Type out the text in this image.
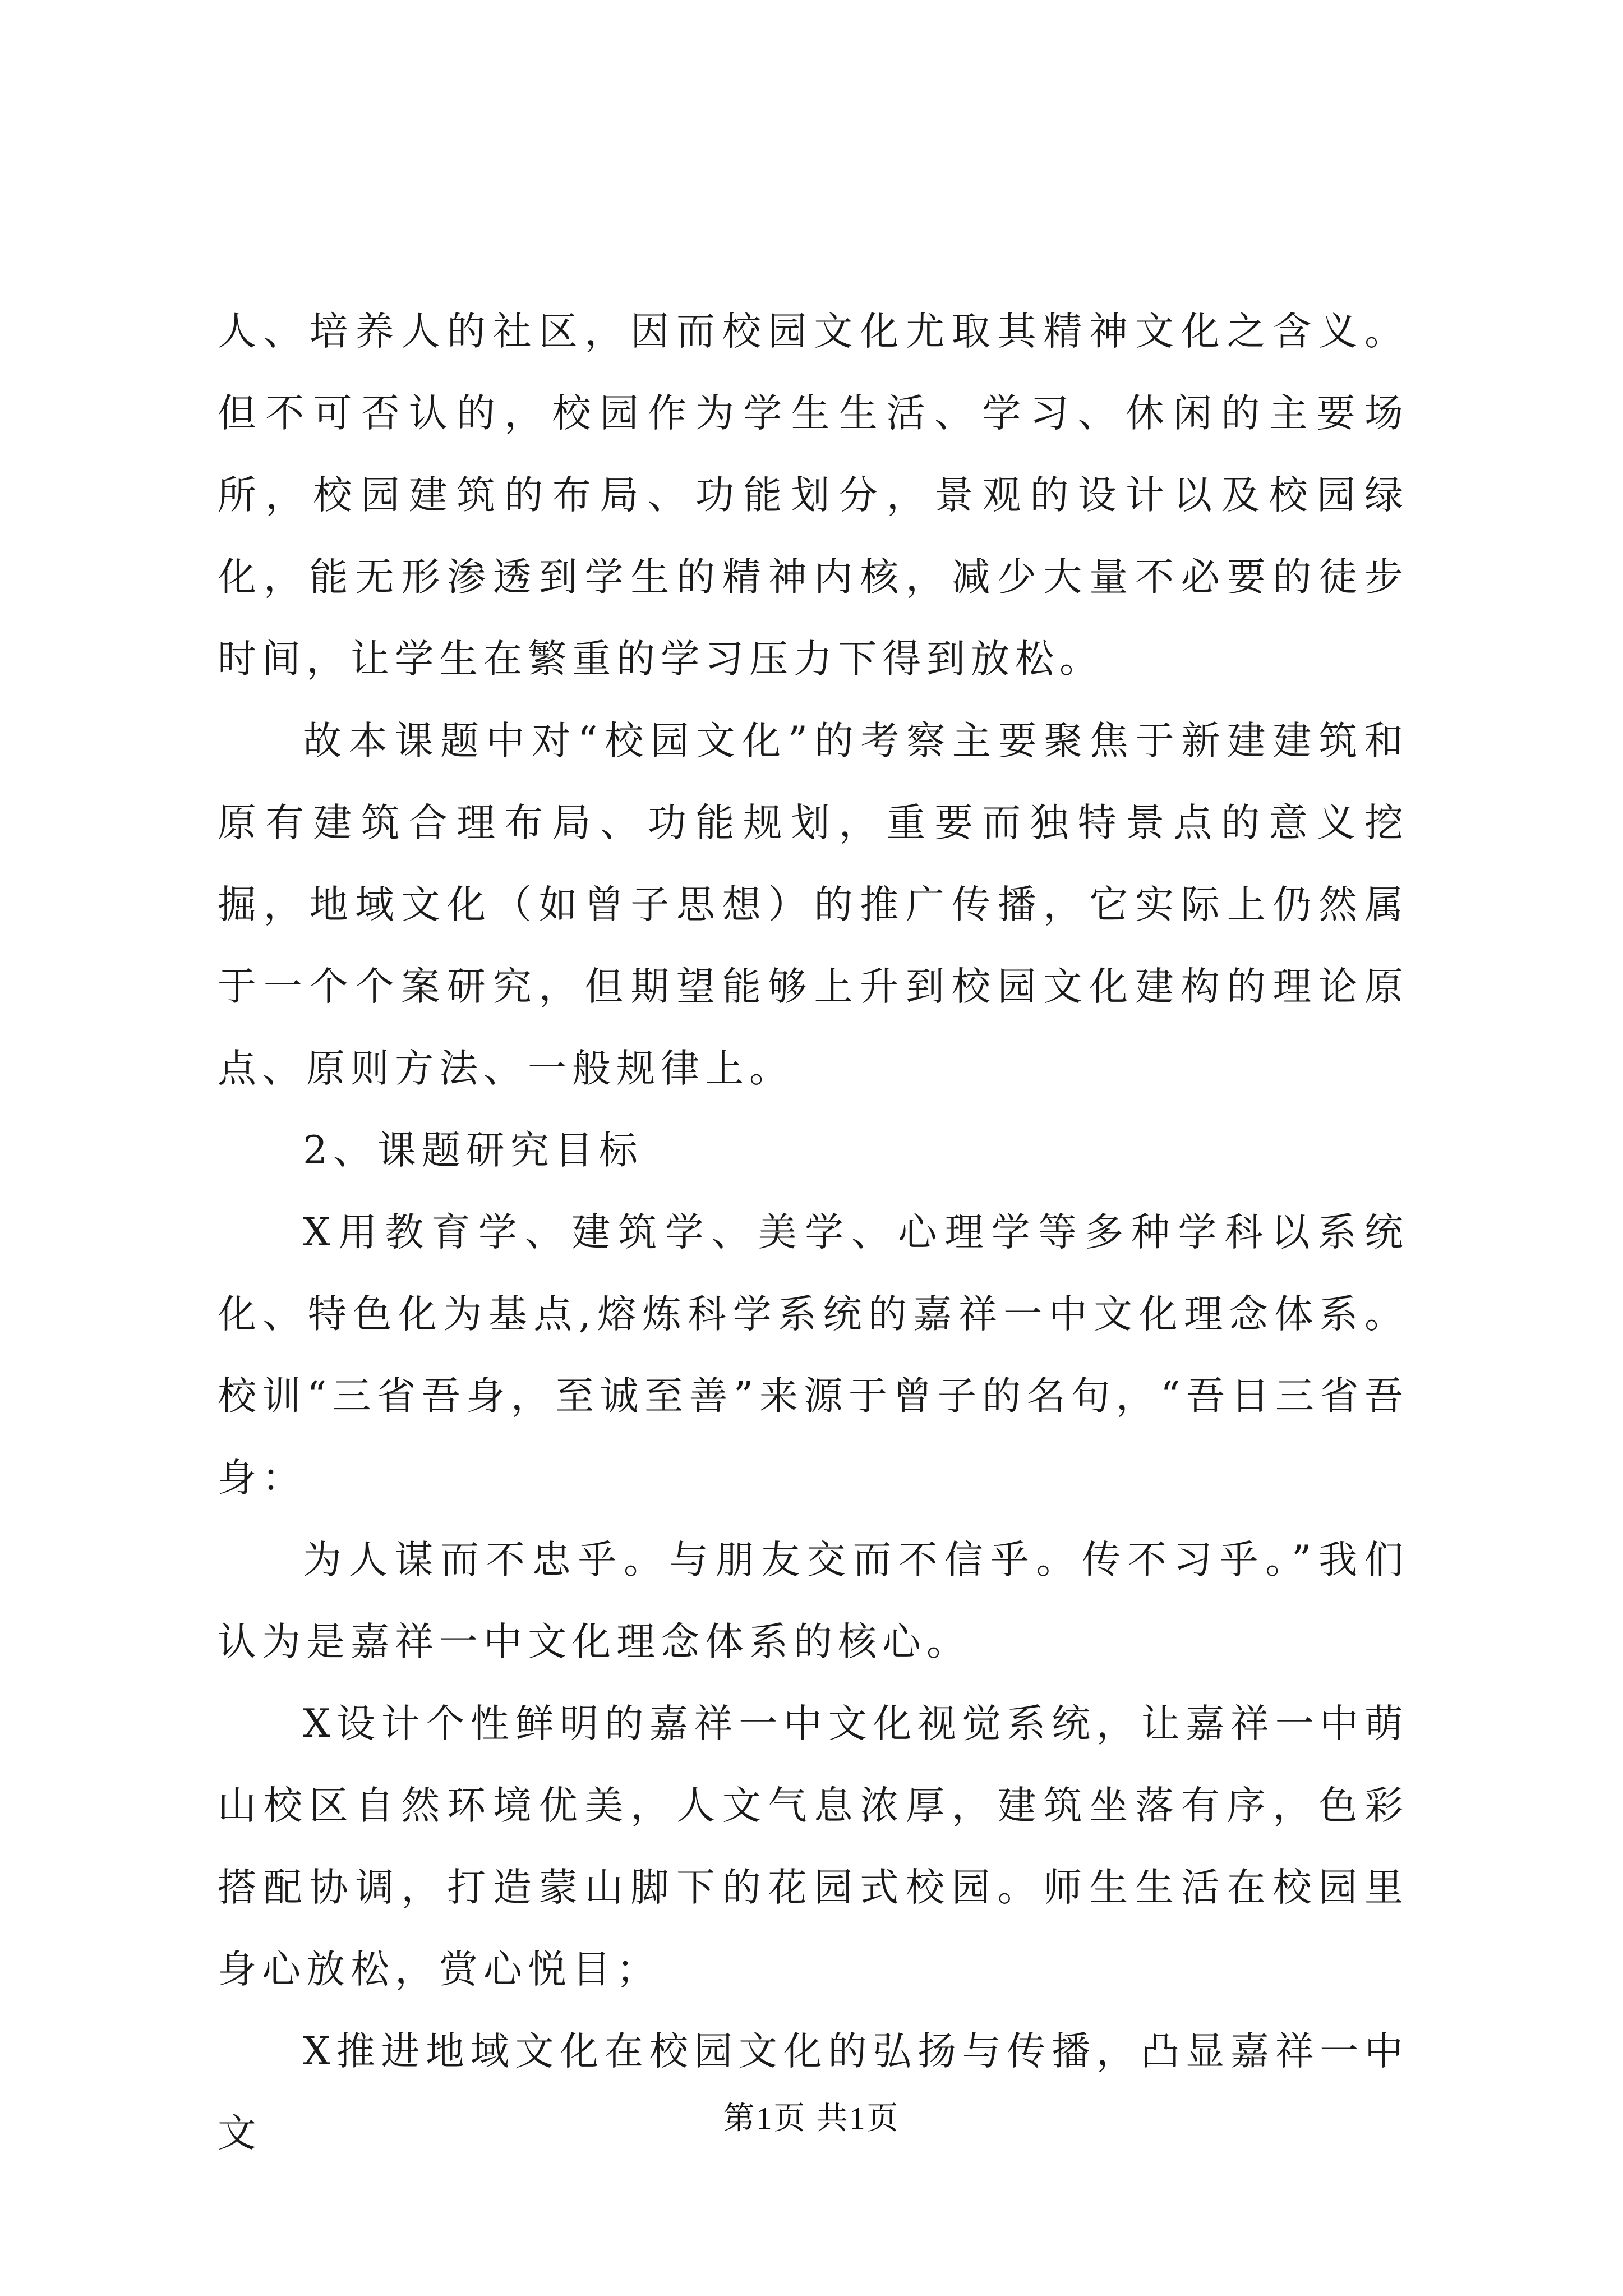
人、培养人的社区，因而校园文化尤取其精神文化之含义。但不可否认的，校园作为学生生活、学习、休闲的主要场所，校园建筑的布局、功能划分，景观的设计以及校园绿化，能无形渗透到学生的精神内核，减少大量不必要的徒步时间，让学生在繁重的学习压力下得到放松。

故本课题中对“校园文化”的考察主要聚焦于新建建筑和原有建筑合理布局、功能规划，重要而独特景点的意义挖掘，地域文化（如曾子思想）的推广传播，它实际上仍然属于一个个案研究，但期望能够上升到校园文化建构的理论原点、原则方法、一般规律上。

2、课题研究目标

X用教育学、建筑学、美学、心理学等多种学科以系统化、特色化为基点,熔炼科学系统的嘉祥一中文化理念体系。校训“三省吾身，至诚至善”来源于曾子的名句，“吾日三省吾身：

为人谋而不忠乎。与朋友交而不信乎。传不习乎。”我们认为是嘉祥一中文化理念体系的核心。

X设计个性鲜明的嘉祥一中文化视觉系统，让嘉祥一中萌山校区自然环境优美，人文气息浓厚，建筑坐落有序，色彩搭配协调，打造蒙山脚下的花园式校园。师生生活在校园里身心放松，赏心悦目；

X推进地域文化在校园文化的弘扬与传播，凸显嘉祥一中文	第1页 共1页
